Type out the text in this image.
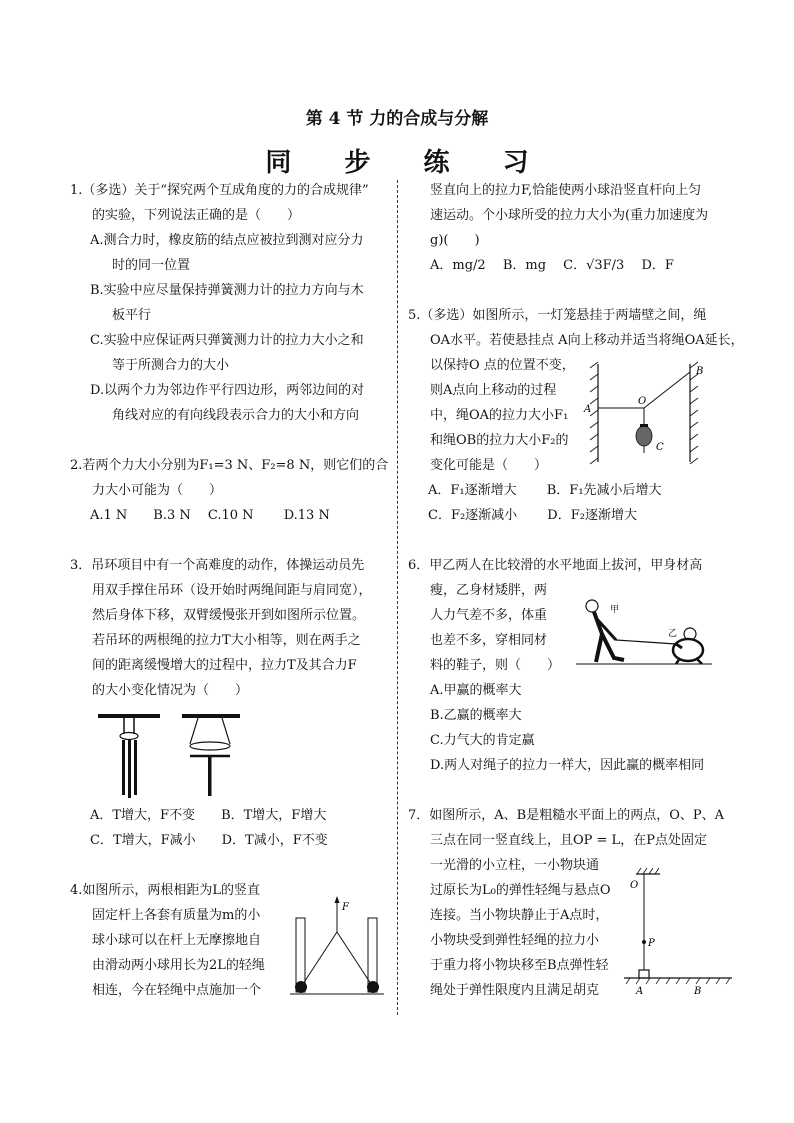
第 4 节 力的合成与分解
同 步 练 习
1.（多选）关于“探究两个互成角度的力的合成规律”
的实验，下列说法正确的是（　　）
A.测合力时，橡皮筋的结点应被拉到测对应分力
时的同一位置
B.实验中应尽量保持弹簧测力计的拉力方向与木
板平行
C.实验中应保证两只弹簧测力计的拉力大小之和
等于所测合力的大小
D.以两个力为邻边作平行四边形，两邻边间的对
角线对应的有向线段表示合力的大小和方向
2.若两个力大小分别为F₁=3 N、F₂=8 N，则它们的合
力大小可能为（　　）
A.1 N　　B.3 N　 C.10 N　　 D.13 N
3．吊环项目中有一个高难度的动作，体操运动员先
用双手撑住吊环（设开始时两绳间距与肩同宽），
然后身体下移，双臂缓慢张开到如图所示位置。
若吊环的两根绳的拉力T大小相等，则在两手之
间的距离缓慢增大的过程中，拉力T及其合力F
的大小变化情况为（　　）
A．T增大，F不变　　B．T增大，F增大
C．T增大，F减小　　D．T减小，F不变
4.如图所示，两根相距为L的竖直
固定杆上各套有质量为m的小
球小球可以在杆上无摩擦地自
由滑动两小球用长为2L的轻绳
相连，今在轻绳中点施加一个
F
竖直向上的拉力F,恰能使两小球沿竖直杆向上匀
速运动。个小球所受的拉力大小为(重力加速度为
g)(　　)
A．mg/2　 B．mg　 C．√3F/3　 D．F
5.（多选）如图所示，一灯笼悬挂于两墙壁之间，绳
OA水平。若使悬挂点 A向上移动并适当将绳OA延长，
以保持O 点的位置不变，
则A点向上移动的过程
中，绳OA的拉力大小F₁
和绳OB的拉力大小F₂的
变化可能是（　　）
A．F₁逐渐增大　　 B．F₁先减小后增大
C．F₂逐渐减小　　 D．F₂逐渐增大
6．甲乙两人在比较滑的水平地面上拔河，甲身材高
瘦，乙身材矮胖，两
人力气差不多，体重
也差不多，穿相同材
料的鞋子，则（　　）
A.甲赢的概率大
B.乙赢的概率大
C.力气大的肯定赢
D.两人对绳子的拉力一样大，因此赢的概率相同
7．如图所示，A、B是粗糙水平面上的两点，O、P、A
三点在同一竖直线上，且OP = L，在P点处固定
一光滑的小立柱，一小物块通
过原长为L₀的弹性轻绳与悬点O
连接。当小物块静止于A点时，
小物块受到弹性轻绳的拉力小
于重力将小物块移至B点弹性轻
绳处于弹性限度内且满足胡克
A
O
B
C
甲
乙
O
P
A	B
